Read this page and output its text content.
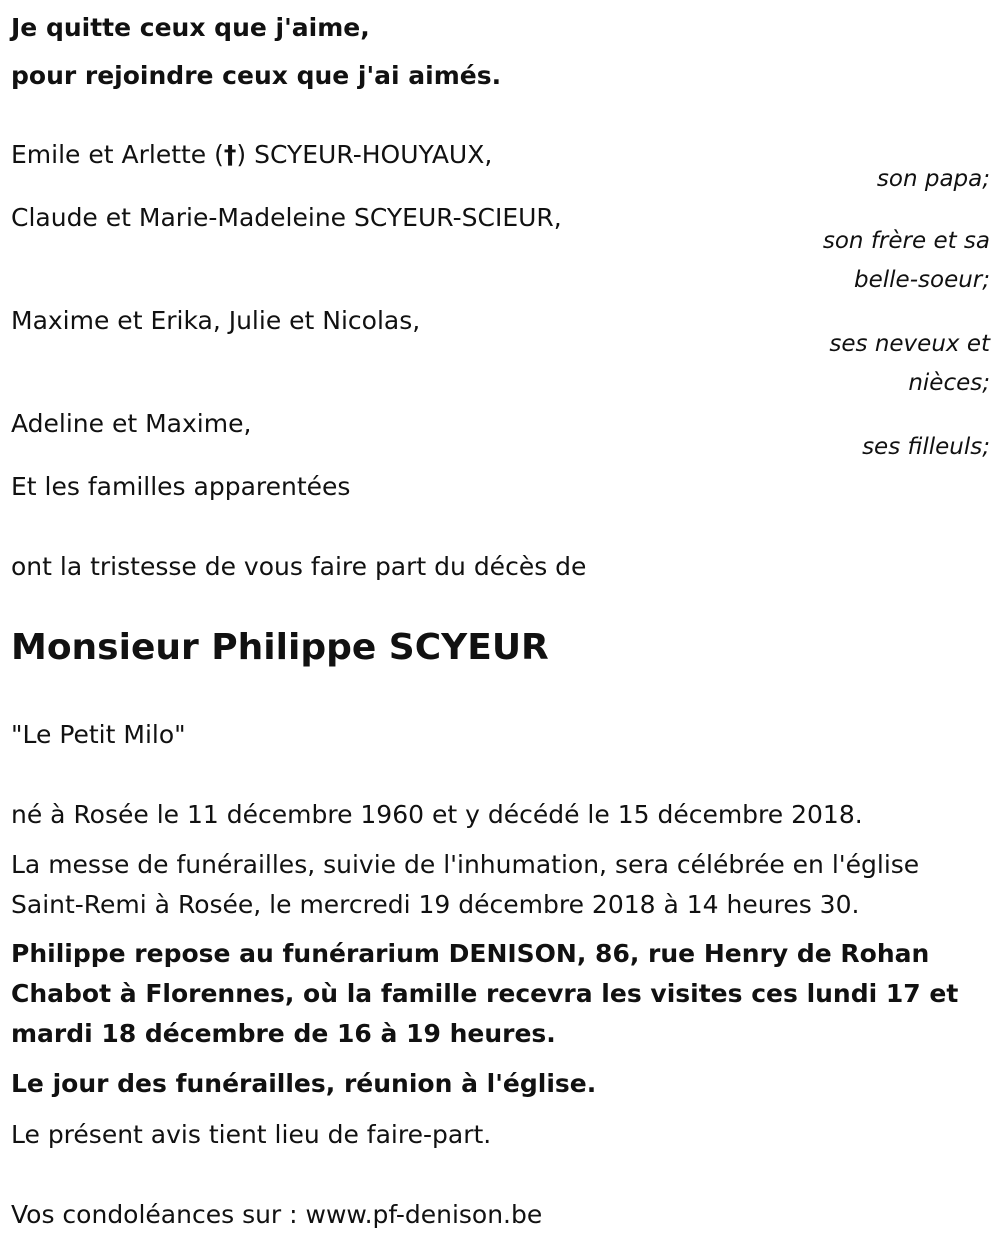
Je quitte ceux que j'aime,

pour rejoindre ceux que j'ai aimés.

Emile et Arlette (†) SCYEUR-HOUYAUX,

son papa;

Claude et Marie-Madeleine SCYEUR-SCIEUR,

son frère et sa
belle-soeur;

Maxime et Erika, Julie et Nicolas,

ses neveux et
nièces;

Adeline et Maxime,

ses filleuls;

Et les familles apparentées

ont la tristesse de vous faire part du décès de

Monsieur Philippe SCYEUR

"Le Petit Milo"

né à Rosée le 11 décembre 1960 et y décédé le 15 décembre 2018.

La messe de funérailles, suivie de l'inhumation, sera célébrée en l'église Saint-Remi à Rosée, le mercredi 19 décembre 2018 à 14 heures 30.

Philippe repose au funérarium DENISON, 86, rue Henry de Rohan Chabot à Florennes, où la famille recevra les visites ces lundi 17 et mardi 18 décembre de 16 à 19 heures.

Le jour des funérailles, réunion à l'église.

Le présent avis tient lieu de faire-part.

Vos condoléances sur : www.pf-denison.be
